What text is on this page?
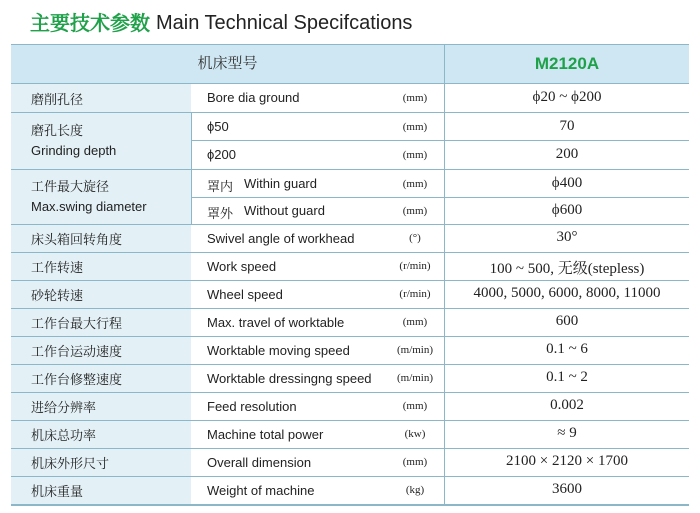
主要技术参数 Main Technical Specifcations
机床型号	M2120A
磨削孔径	Bore dia ground	(mm)	ϕ20 ~ ϕ200
磨孔长度
Grinding depth
ϕ50	(mm)	70
ϕ200	(mm)	200
工件最大旋径
Max.swing diameter
罩内 Within guard	(mm)	ϕ400
罩外 Without guard	(mm)	ϕ600
床头箱回转角度	Swivel angle of workhead	(°)	30°
工作转速	Work speed	(r/min)	100 ~ 500, 无级(stepless)
砂轮转速	Wheel speed	(r/min)	4000, 5000, 6000, 8000, 11000
工作台最大行程	Max. travel of worktable	(mm)	600
工作台运动速度	Worktable moving speed	(m/min)	0.1 ~ 6
工作台修整速度	Worktable dressingng speed	(m/min)	0.1 ~ 2
进给分辨率	Feed resolution	(mm)	0.002
机床总功率	Machine total power	(kw)	≈ 9
机床外形尺寸	Overall dimension	(mm)	2100 × 2120 × 1700
机床重量	Weight of machine	(kg)	3600
